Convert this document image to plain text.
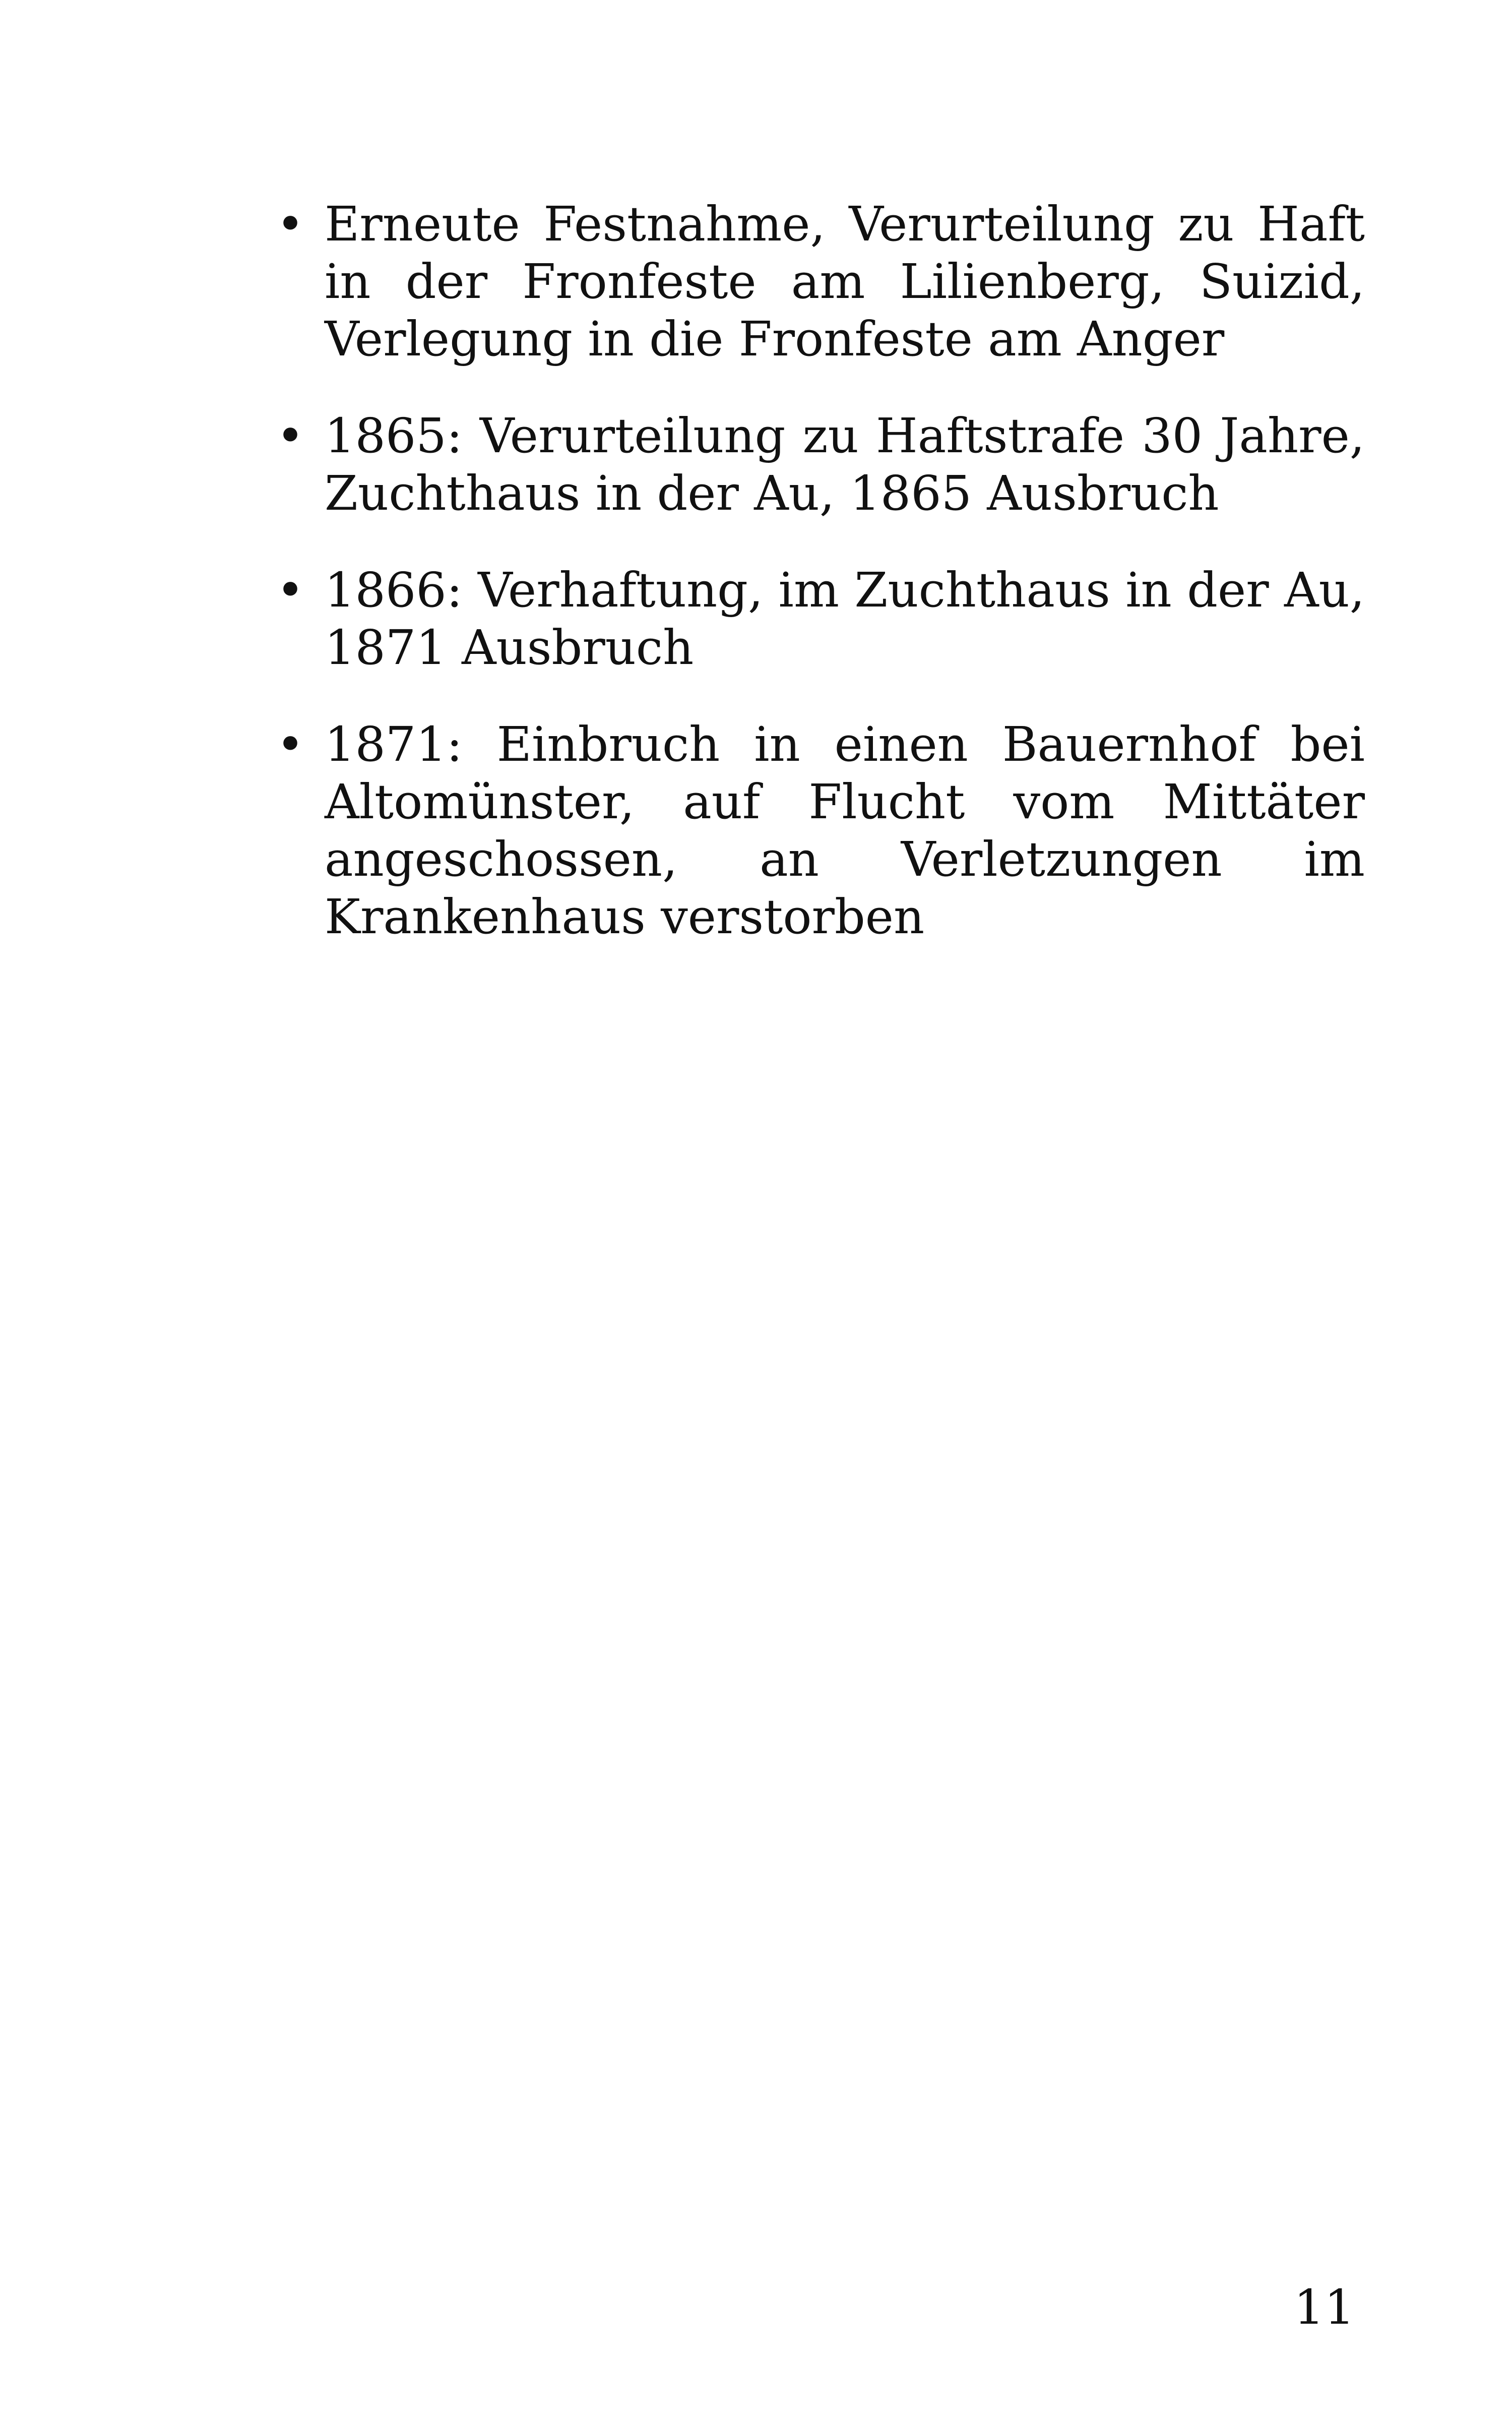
• Erneute Festnahme, Verurteilung zu Haft in der Fronfeste am Lilienberg, Suizid, Verlegung in die Fronfeste am Anger
• 1865: Verurteilung zu Haftstrafe 30 Jahre, Zuchthaus in der Au, 1865 Ausbruch
• 1866: Verhaftung, im Zuchthaus in der Au, 1871 Ausbruch
• 1871: Einbruch in einen Bauernhof bei Altomünster, auf Flucht vom Mittäter angeschossen, an Verletzungen im Krankenhaus verstorben
11
